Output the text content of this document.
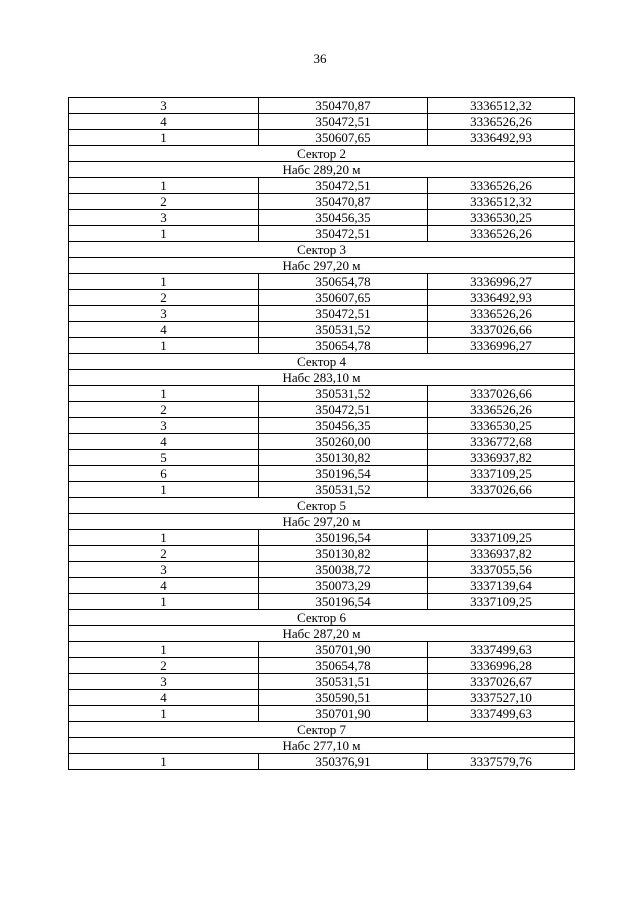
36
3	350470,87	3336512,32
4	350472,51	3336526,26
1	350607,65	3336492,93
Сектор 2		
Набс 289,20 м		
1	350472,51	3336526,26
2	350470,87	3336512,32
3	350456,35	3336530,25
1	350472,51	3336526,26
Сектор 3		
Набс 297,20 м		
1	350654,78	3336996,27
2	350607,65	3336492,93
3	350472,51	3336526,26
4	350531,52	3337026,66
1	350654,78	3336996,27
Сектор 4		
Набс 283,10 м		
1	350531,52	3337026,66
2	350472,51	3336526,26
3	350456,35	3336530,25
4	350260,00	3336772,68
5	350130,82	3336937,82
6	350196,54	3337109,25
1	350531,52	3337026,66
Сектор 5		
Набс 297,20 м		
1	350196,54	3337109,25
2	350130,82	3336937,82
3	350038,72	3337055,56
4	350073,29	3337139,64
1	350196,54	3337109,25
Сектор 6		
Набс 287,20 м		
1	350701,90	3337499,63
2	350654,78	3336996,28
3	350531,51	3337026,67
4	350590,51	3337527,10
1	350701,90	3337499,63
Сектор 7		
Набс 277,10 м		
1	350376,91	3337579,76
